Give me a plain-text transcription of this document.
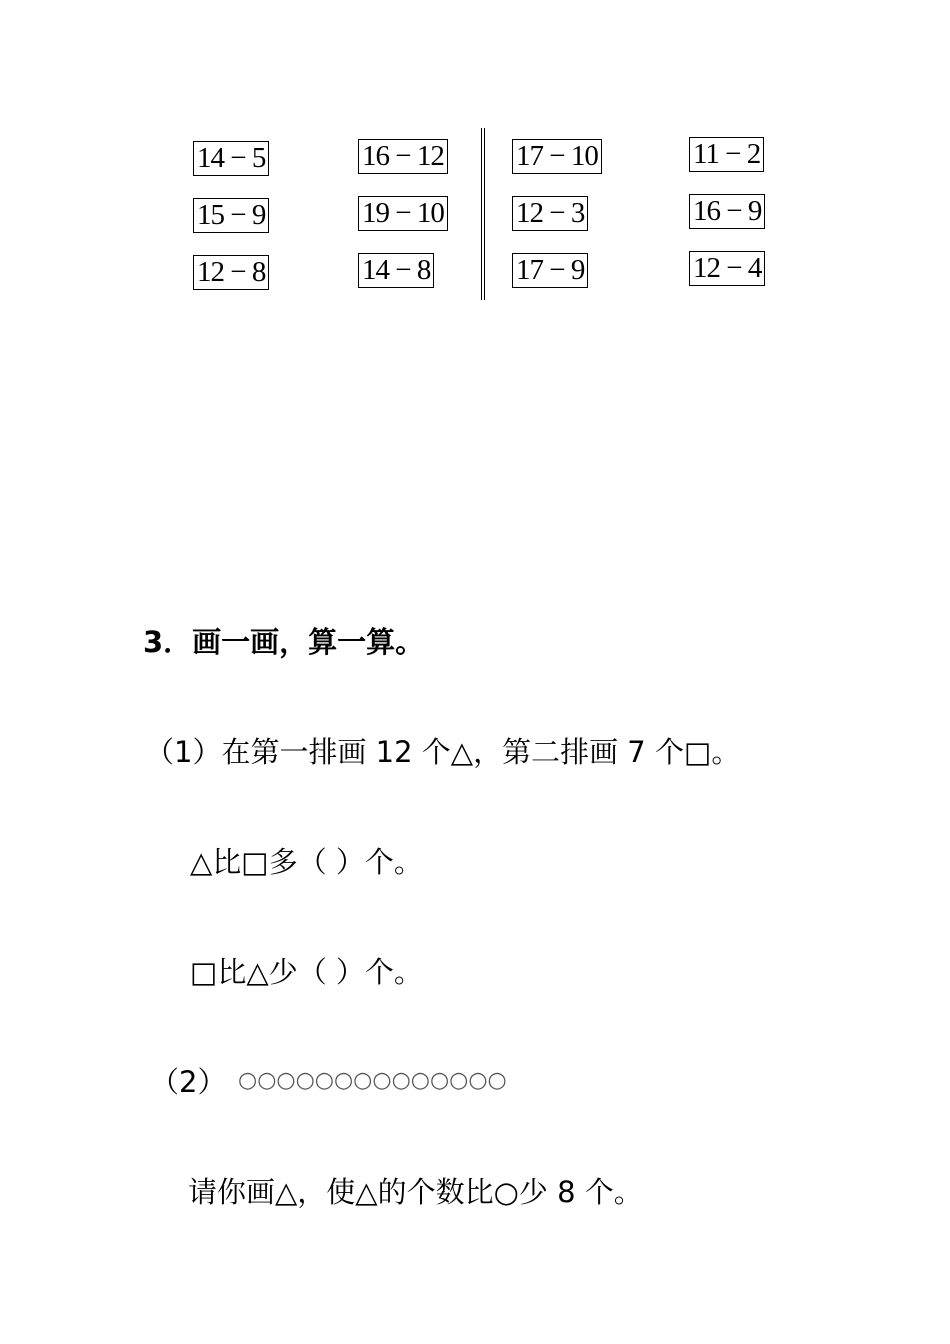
14 − 5
15 − 9
12 − 8
16 − 12
19 − 10
14 − 8
17 − 10
12 − 3
17 − 9
11 − 2
16 − 9
12 − 4
3．画一画，算一算。
（1）在第一排画 12 个△，第二排画 7 个□。
△比□多（ ）个。
□比△少（ ）个。
（2） ○○○○○○○○○○○○○○
请你画△，使△的个数比○少 8 个。
